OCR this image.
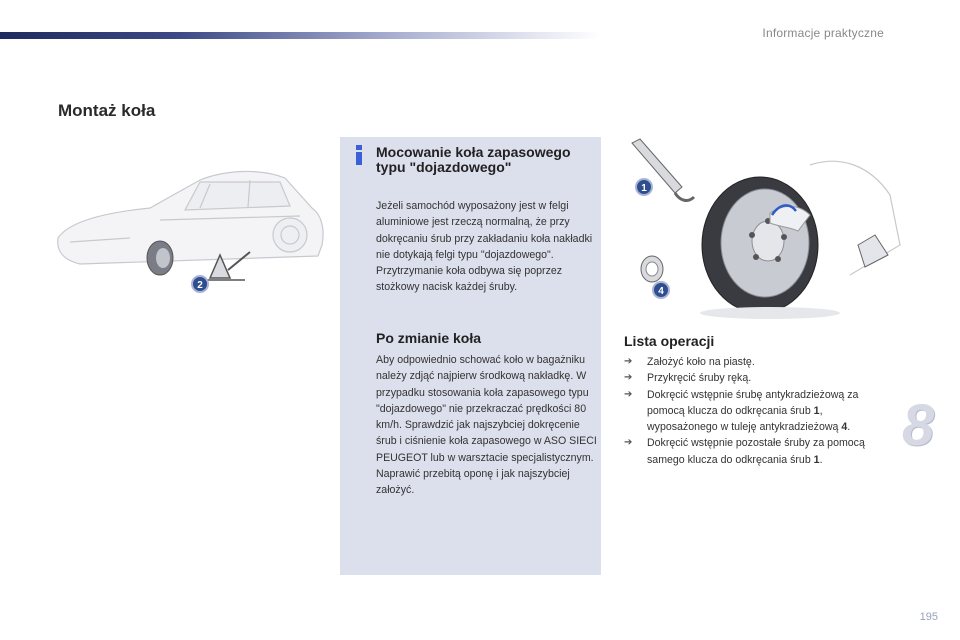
Informacje praktyczne
Montaż koła
2
Mocowanie koła zapasowego typu "dojazdowego"

Jeżeli samochód wyposażony jest w felgi aluminiowe jest rzeczą normalną, że przy dokręcaniu śrub przy zakładaniu koła nakładki nie dotykają felgi typu "dojazdowego". Przytrzymanie koła odbywa się poprzez stożkowy nacisk każdej śruby.

Po zmianie koła

Aby odpowiednio schować koło w bagażniku należy zdjąć najpierw środkową nakładkę. W przypadku stosowania koła zapasowego typu "dojazdowego" nie przekraczać prędkości 80 km/h. Sprawdzić jak najszybciej dokręcenie śrub i ciśnienie koła zapasowego w ASO SIECI PEUGEOT lub w warsztacie specjalistycznym. Naprawić przebitą oponę i jak najszybciej założyć.

1
4
Lista operacji
➔ Założyć koło na piastę.
➔ Przykręcić śruby ręką.
➔ Dokręcić wstępnie śrubę antykradzieżową za pomocą klucza do odkręcania śrub 1, wyposażonego w tuleję antykradzieżową 4.
➔ Dokręcić wstępnie pozostałe śruby za pomocą samego klucza do odkręcania śrub 1.
8
195
